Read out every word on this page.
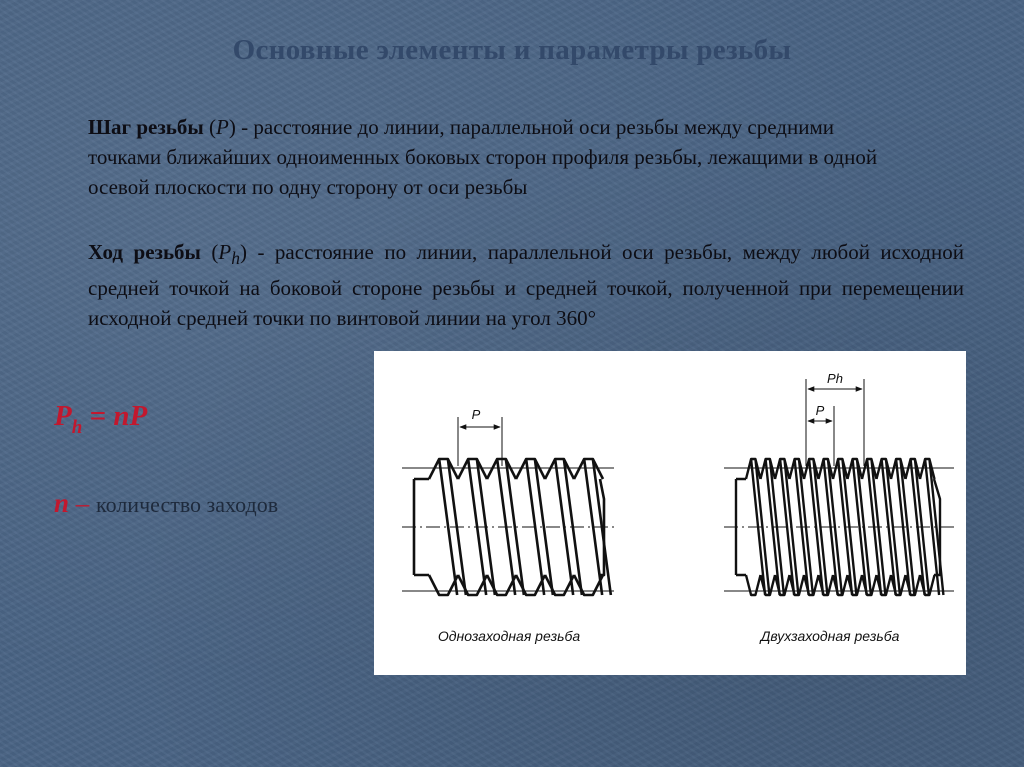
Основные элементы и параметры резьбы
Шаг резьбы (P) - расстояние до линии, параллельной оси резьбы между средними точками ближайших одноименных боковых сторон профиля резьбы, лежащими в одной осевой плоскости по одну сторону от оси резьбы
Ход резьбы $(P_h)$ - расстояние по линии, параллельной оси резьбы, между любой исходной средней точкой на боковой стороне резьбы и средней точкой, полученной при перемещении исходной средней точки по винтовой линии на угол 360°
$P_h$ = nP
n – количество заходов
P
Однозаходная резьба
Ph
P
Двухзаходная резьба
